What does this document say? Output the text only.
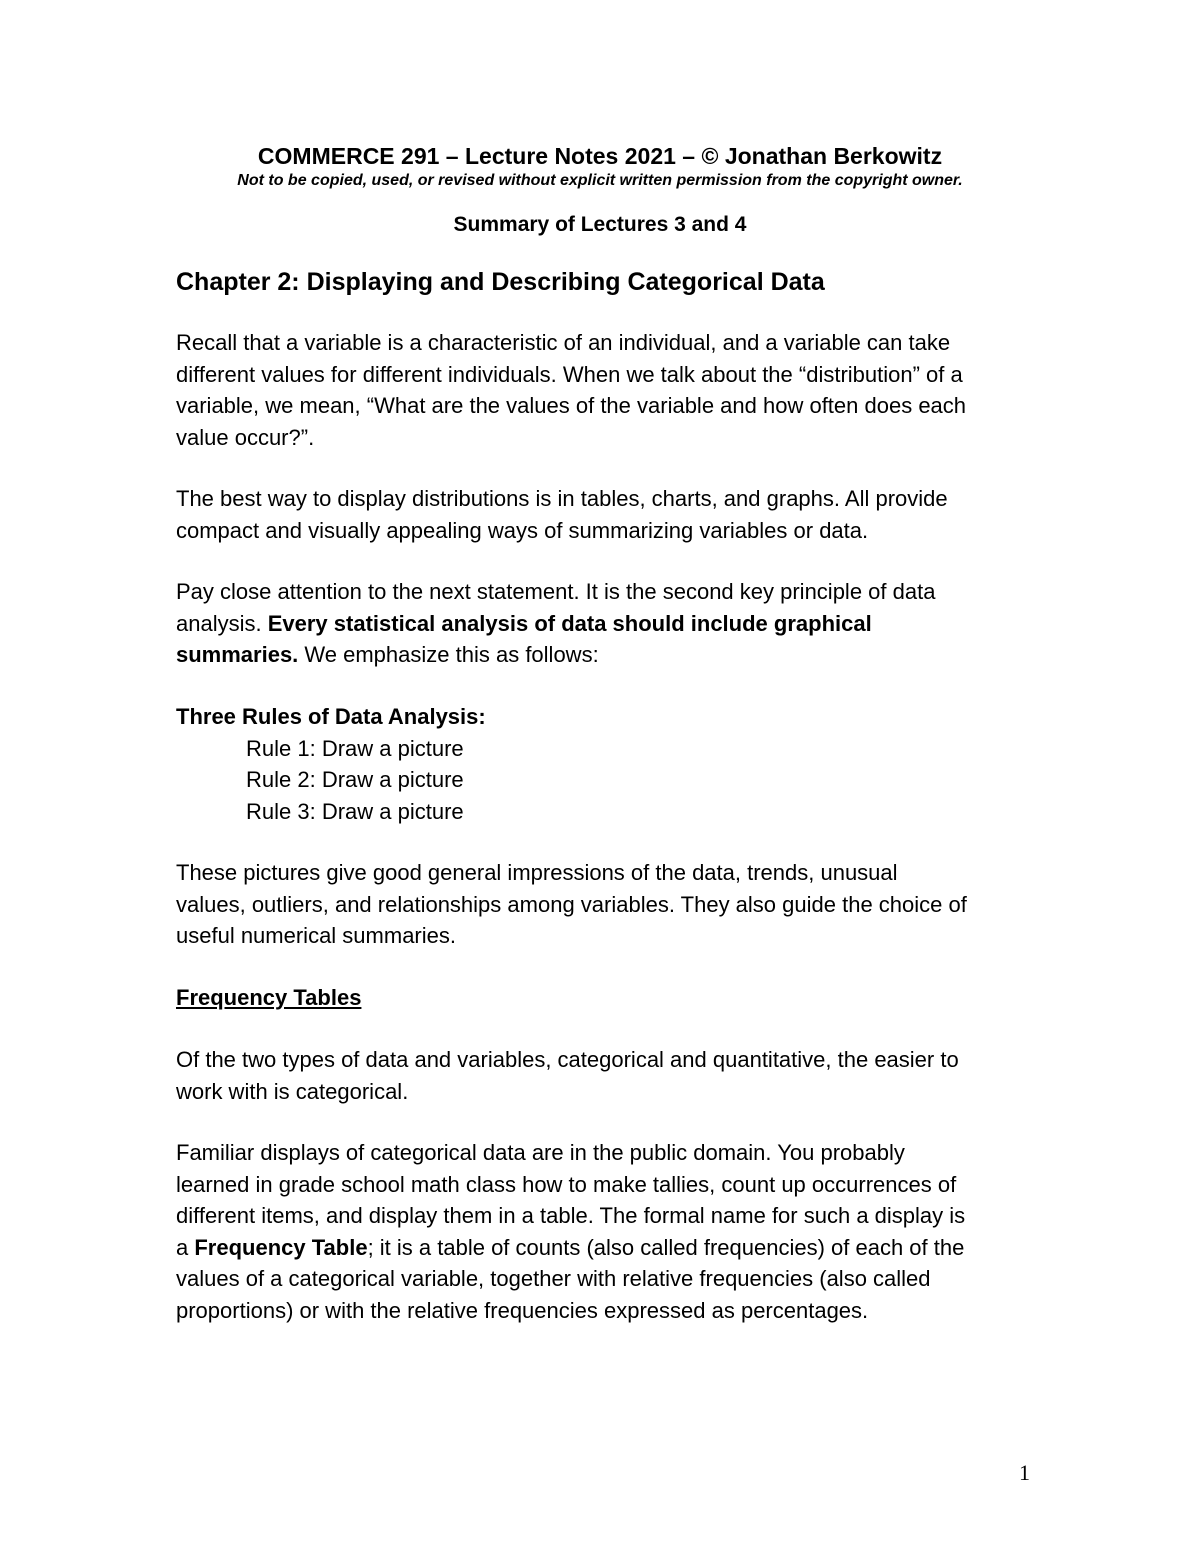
COMMERCE 291 – Lecture Notes 2021 – © Jonathan Berkowitz
Not to be copied, used, or revised without explicit written permission from the copyright owner.
Summary of Lectures 3 and 4
Chapter 2: Displaying and Describing Categorical Data

Recall that a variable is a characteristic of an individual, and a variable can take

different values for different individuals. When we talk about the “distribution” of a

variable, we mean, “What are the values of the variable and how often does each

value occur?”.

The best way to display distributions is in tables, charts, and graphs. All provide

compact and visually appealing ways of summarizing variables or data.

Pay close attention to the next statement. It is the second key principle of data

analysis. Every statistical analysis of data should include graphical

summaries. We emphasize this as follows:

Three Rules of Data Analysis:

Rule 1: Draw a picture

Rule 2: Draw a picture

Rule 3: Draw a picture

These pictures give good general impressions of the data, trends, unusual

values, outliers, and relationships among variables. They also guide the choice of

useful numerical summaries.

Frequency Tables

Of the two types of data and variables, categorical and quantitative, the easier to

work with is categorical.

Familiar displays of categorical data are in the public domain. You probably

learned in grade school math class how to make tallies, count up occurrences of

different items, and display them in a table. The formal name for such a display is

a Frequency Table; it is a table of counts (also called frequencies) of each of the

values of a categorical variable, together with relative frequencies (also called

proportions) or with the relative frequencies expressed as percentages.

1
